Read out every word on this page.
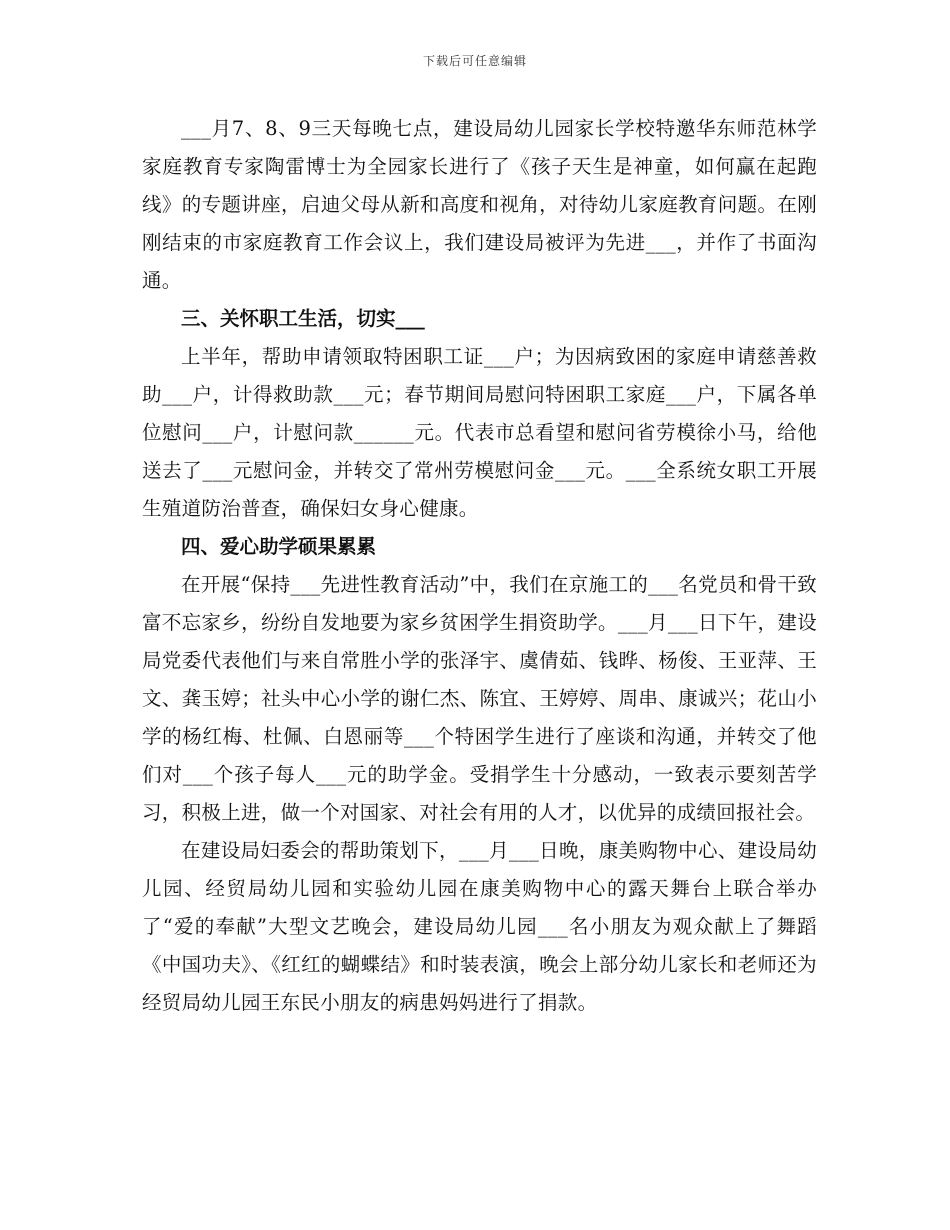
下载后可任意编辑

___月7、8、9三天每晚七点，建设局幼儿园家长学校特邀华东师范林学家庭教育专家陶雷博士为全园家长进行了《孩子天生是神童，如何赢在起跑线》的专题讲座，启迪父母从新和高度和视角，对待幼儿家庭教育问题。在刚刚结束的市家庭教育工作会议上，我们建设局被评为先进___，并作了书面沟通。

三、关怀职工生活，切实___

上半年，帮助申请领取特困职工证___户；为因病致困的家庭申请慈善救助___户，计得救助款___元；春节期间局慰问特困职工家庭___户，下属各单位慰问___户，计慰问款______元。代表市总看望和慰问省劳模徐小马，给他送去了___元慰问金，并转交了常州劳模慰问金___元。___全系统女职工开展生殖道防治普查，确保妇女身心健康。

四、爱心助学硕果累累

在开展“保持___先进性教育活动”中，我们在京施工的___名党员和骨干致富不忘家乡，纷纷自发地要为家乡贫困学生捐资助学。___月___日下午，建设局党委代表他们与来自常胜小学的张泽宇、虞倩茹、钱晔、杨俊、王亚萍、王文、龚玉婷；社头中心小学的谢仁杰、陈宜、王婷婷、周串、康诚兴；花山小学的杨红梅、杜佩、白恩丽等___个特困学生进行了座谈和沟通，并转交了他们对___个孩子每人___元的助学金。受捐学生十分感动，一致表示要刻苦学习，积极上进，做一个对国家、对社会有用的人才，以优异的成绩回报社会。

在建设局妇委会的帮助策划下，___月___日晚，康美购物中心、建设局幼儿园、经贸局幼儿园和实验幼儿园在康美购物中心的露天舞台上联合举办了“爱的奉献”大型文艺晚会，建设局幼儿园___名小朋友为观众献上了舞蹈《中国功夫》、《红红的蝴蝶结》和时装表演，晚会上部分幼儿家长和老师还为经贸局幼儿园王东民小朋友的病患妈妈进行了捐款。
